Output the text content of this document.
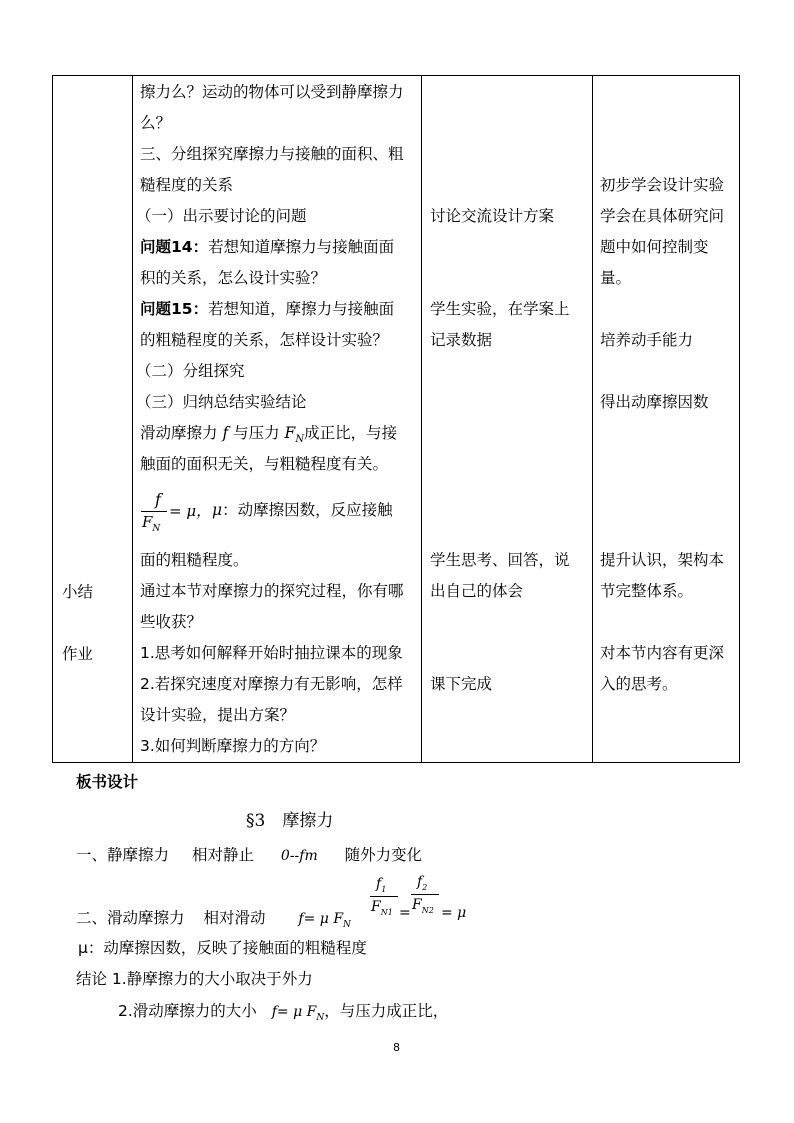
小结
作业
擦力么？运动的物体可以受到静摩擦力
么？
三、分组探究摩擦力与接触的面积、粗
糙程度的关系
（一）出示要讨论的问题
问题14：若想知道摩擦力与接触面面
积的关系，怎么设计实验？
问题15：若想知道，摩擦力与接触面
的粗糙程度的关系，怎样设计实验？
（二）分组探究
（三）归纳总结实验结论
滑动摩擦力 f 与压力 $F_N$成正比，与接
触面的面积无关，与粗糙程度有关。
f
$F_N$
= μ， μ：动摩擦因数，反应接触
面的粗糙程度。
通过本节对摩擦力的探究过程，你有哪
些收获？
1.思考如何解释开始时抽拉课本的现象
2.若探究速度对摩擦力有无影响，怎样
设计实验，提出方案？
3.如何判断摩擦力的方向？
讨论交流设计方案
学生实验，在学案上
记录数据
学生思考、回答，说
出自己的体会
课下完成
初步学会设计实验
学会在具体研究问
题中如何控制变
量。
培养动手能力
得出动摩擦因数
提升认识，架构本
节完整体系。
对本节内容有更深
入的思考。
板书设计
§3　摩擦力
一、静摩擦力 相对静止 0--fm 随外力变化
二、滑动摩擦力 相对滑动 f= μ $F_N$
$f_1$
$F_{N1}$ =
$f_2$
$F_{N2} = \mu$
μ：动摩擦因数，反映了接触面的粗糙程度
结论 1.静摩擦力的大小取决于外力
2.滑动摩擦力的大小 f= μ $F_N$，与压力成正比，
8
